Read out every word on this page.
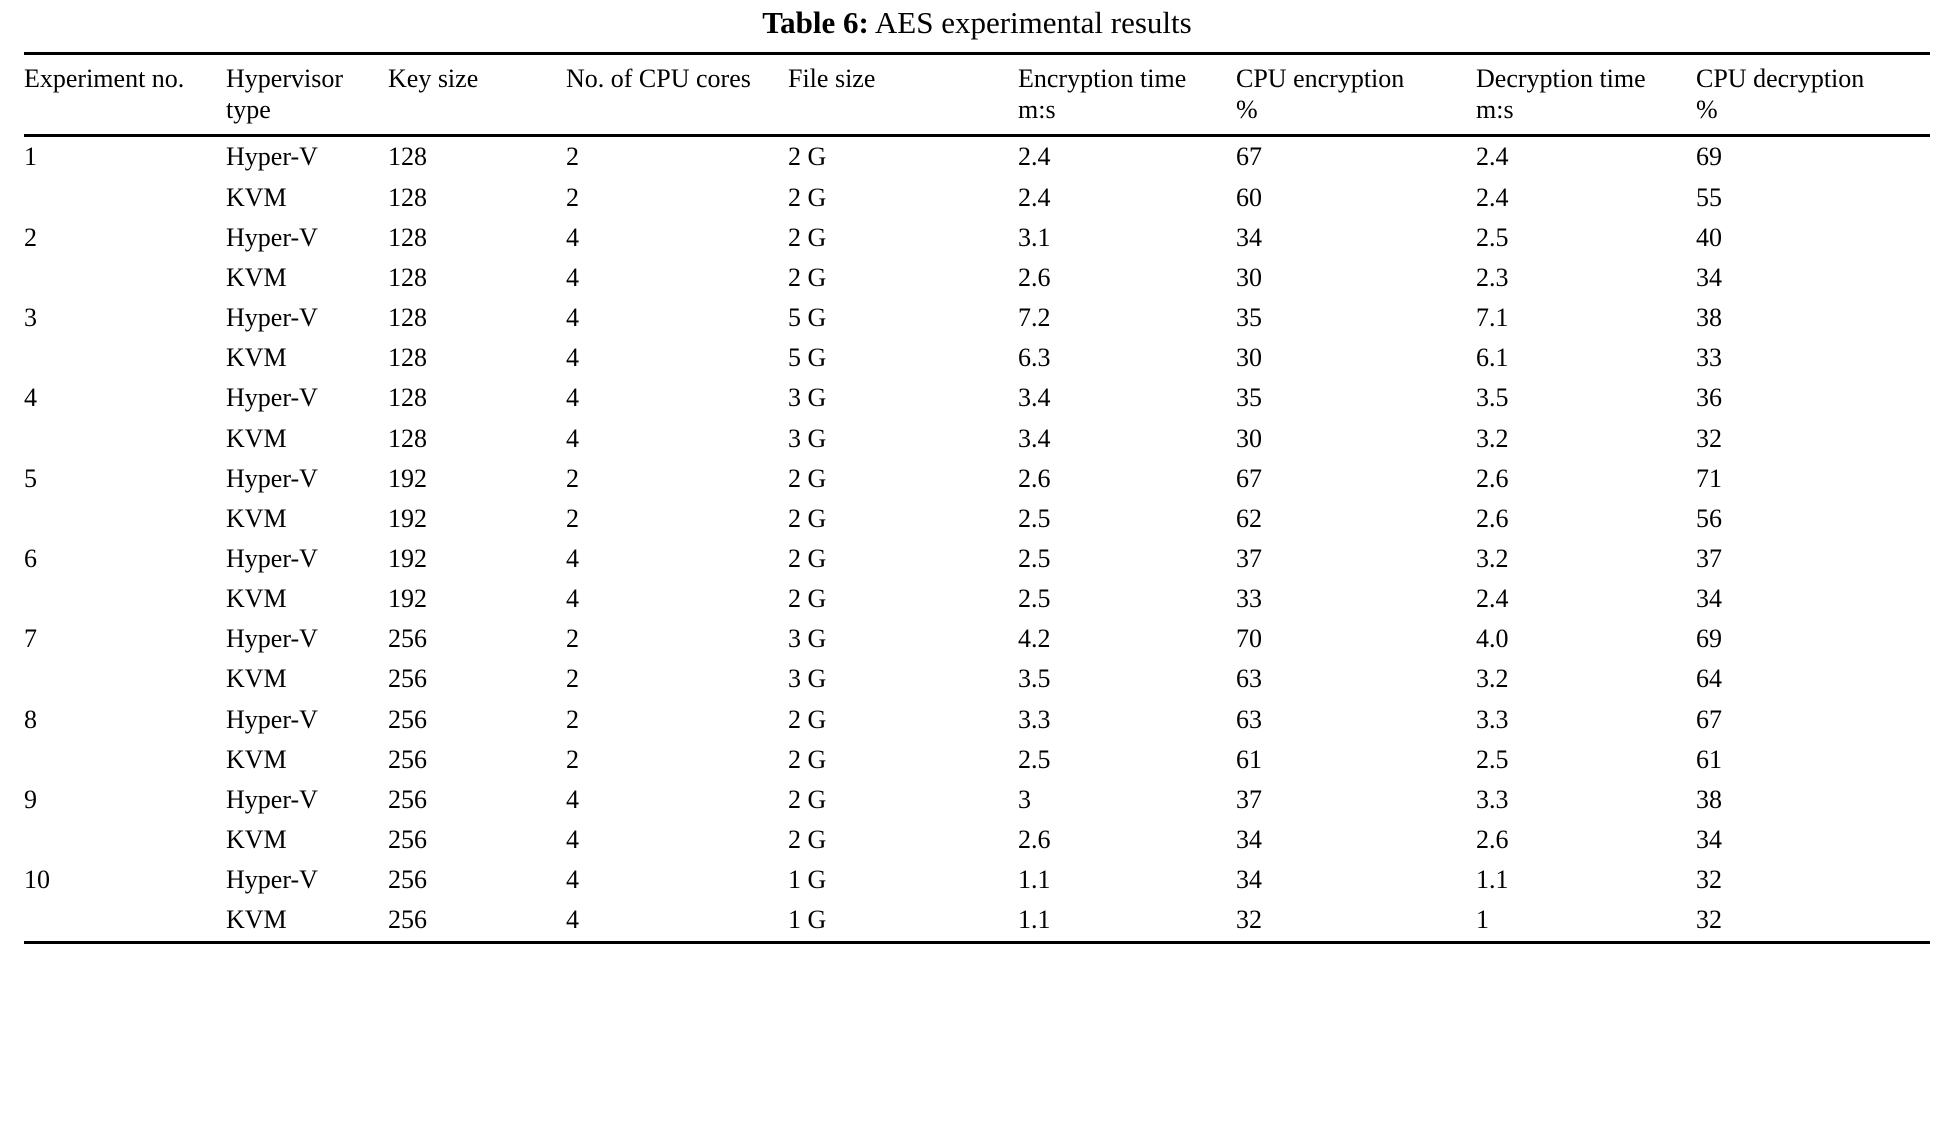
Table 6: AES experimental results
Experiment no.	Hypervisor type	Key size	No. of CPU cores	File size	Encryption time m:s	CPU encryption %	Decryption time m:s	CPU decryption %

1	Hyper-V	128	2	2 G	2.4	67	2.4	69
	KVM	128	2	2 G	2.4	60	2.4	55
2	Hyper-V	128	4	2 G	3.1	34	2.5	40
	KVM	128	4	2 G	2.6	30	2.3	34
3	Hyper-V	128	4	5 G	7.2	35	7.1	38
	KVM	128	4	5 G	6.3	30	6.1	33
4	Hyper-V	128	4	3 G	3.4	35	3.5	36
	KVM	128	4	3 G	3.4	30	3.2	32
5	Hyper-V	192	2	2 G	2.6	67	2.6	71
	KVM	192	2	2 G	2.5	62	2.6	56
6	Hyper-V	192	4	2 G	2.5	37	3.2	37
	KVM	192	4	2 G	2.5	33	2.4	34
7	Hyper-V	256	2	3 G	4.2	70	4.0	69
	KVM	256	2	3 G	3.5	63	3.2	64
8	Hyper-V	256	2	2 G	3.3	63	3.3	67
	KVM	256	2	2 G	2.5	61	2.5	61
9	Hyper-V	256	4	2 G	3	37	3.3	38
	KVM	256	4	2 G	2.6	34	2.6	34
10	Hyper-V	256	4	1 G	1.1	34	1.1	32
	KVM	256	4	1 G	1.1	32	1	32
